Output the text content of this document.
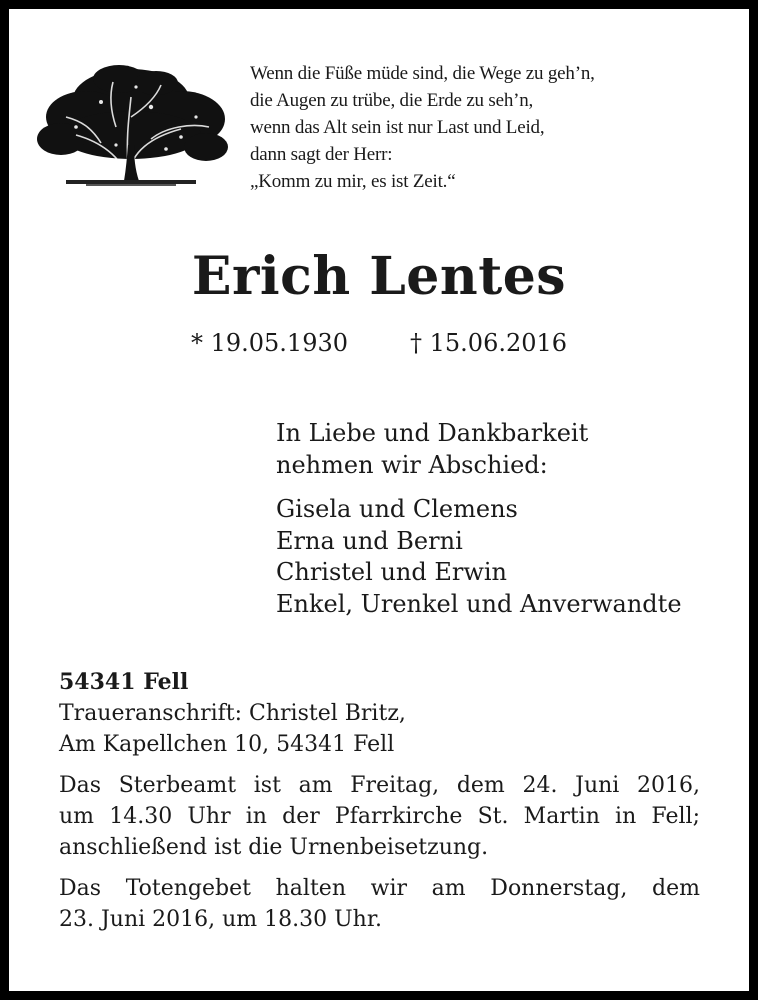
Wenn die Füße müde sind, die Wege zu geh’n,
die Augen zu trübe, die Erde zu seh’n,
wenn das Alt sein ist nur Last und Leid,
dann sagt der Herr:
„Komm zu mir, es ist Zeit.“
Erich Lentes
* 19.05.1930	† 15.06.2016
In Liebe und Dankbarkeit
nehmen wir Abschied:
Gisela und Clemens
Erna und Berni
Christel und Erwin
Enkel, Urenkel und Anverwandte
54341 Fell
Traueranschrift: Christel Britz,
Am Kapellchen 10, 54341 Fell
Das Sterbeamt ist am Freitag, dem 24. Juni 2016,
um 14.30 Uhr in der Pfarrkirche St. Martin in Fell;
anschließend ist die Urnenbeisetzung.
Das Totengebet halten wir am Donnerstag, dem
23. Juni 2016, um 18.30 Uhr.
